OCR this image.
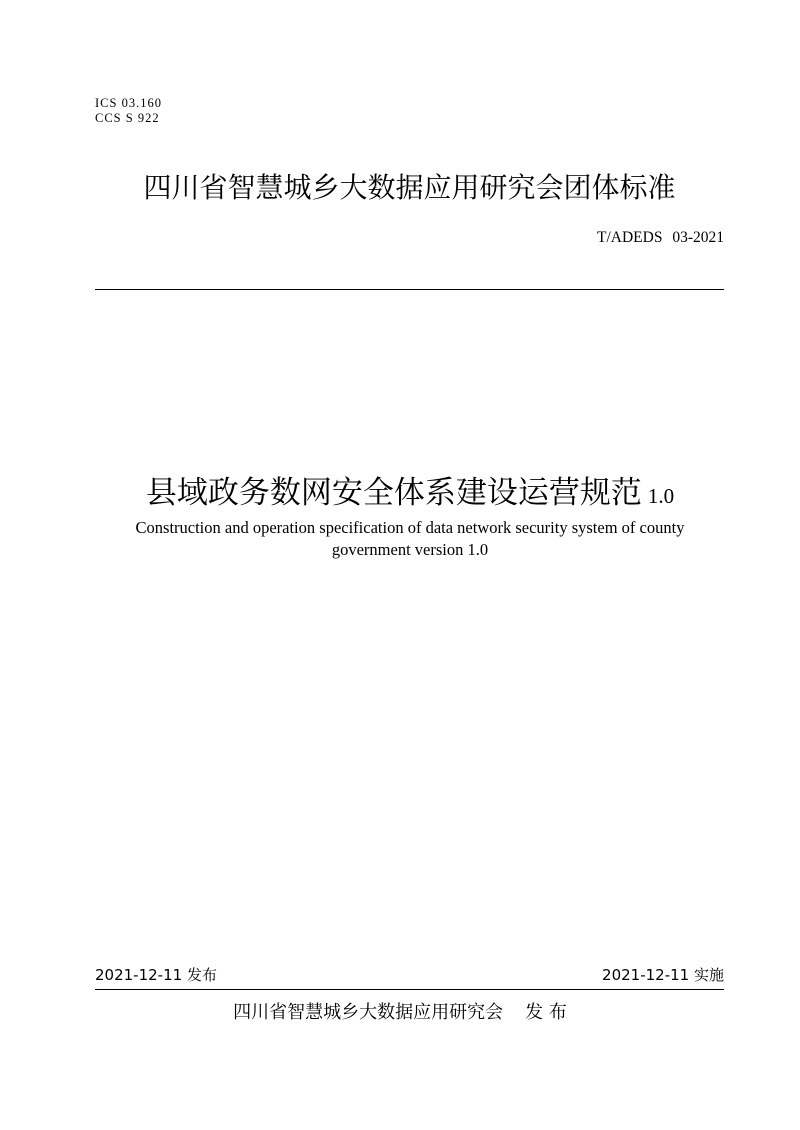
ICS 03.160
CCS S 922
四川省智慧城乡大数据应用研究会团体标准
T/ADEDS 03-2021
县域政务数网安全体系建设运营规范 1.0
Construction and operation specification of data network security system of county
government version 1.0
2021-12-11 发布	2021-12-11 实施
四川省智慧城乡大数据应用研究会 发 布
